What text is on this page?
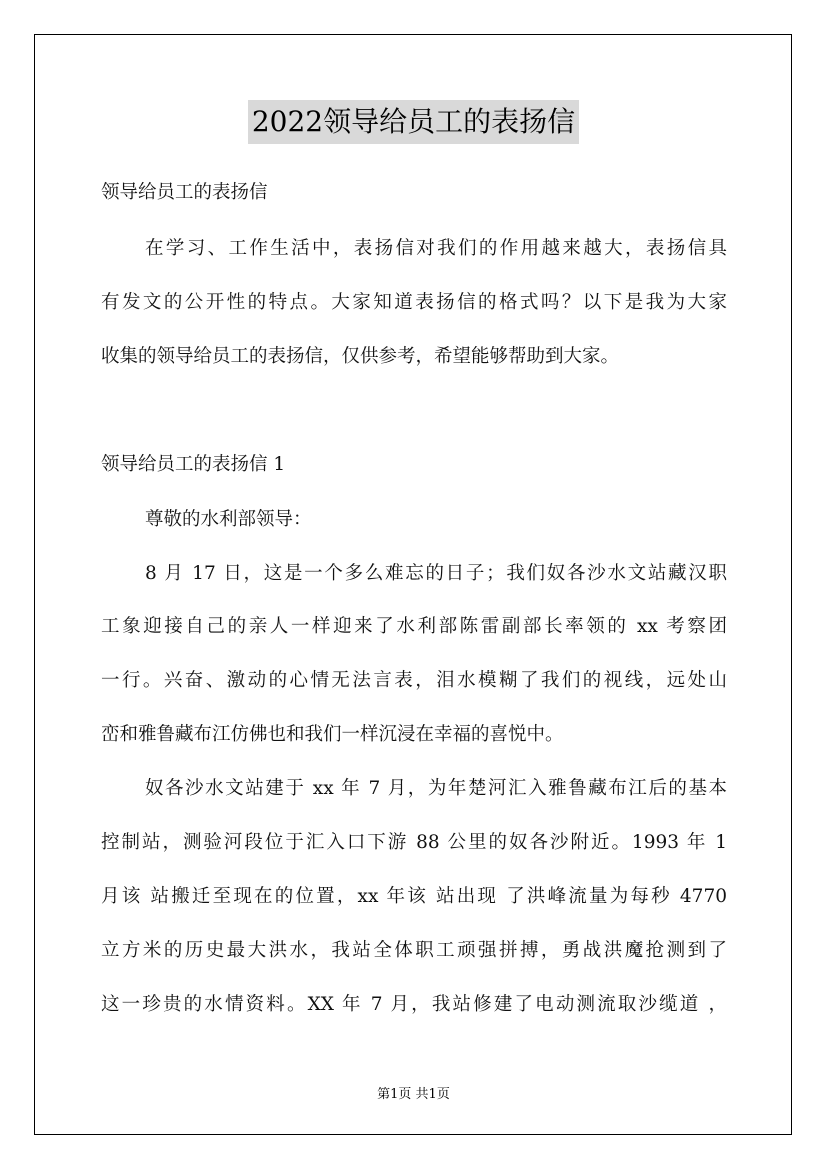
2022领导给员工的表扬信
领导给员工的表扬信
在学习、工作生活中，表扬信对我们的作用越来越大，表扬信具
有发文的公开性的特点。大家知道表扬信的格式吗？以下是我为大家
收集的领导给员工的表扬信，仅供参考，希望能够帮助到大家。
领导给员工的表扬信 1
尊敬的水利部领导：
8 月 17 日，这是一个多么难忘的日子；我们奴各沙水文站藏汉职
工象迎接自己的亲人一样迎来了水利部陈雷副部长率领的 xx 考察团
一行。兴奋、激动的心情无法言表，泪水模糊了我们的视线，远处山
峦和雅鲁藏布江仿佛也和我们一样沉浸在幸福的喜悦中。
奴各沙水文站建于 xx 年 7 月，为年楚河汇入雅鲁藏布江后的基本
控制站，测验河段位于汇入口下游 88 公里的奴各沙附近。1993 年 1
月该 站搬迁至现在的位置，xx 年该 站出现 了洪峰流量为每秒 4770
立方米的历史最大洪水，我站全体职工顽强拼搏，勇战洪魔抢测到了
这一珍贵的水情资料。XX 年 7 月，我站修建了电动测流取沙缆道 ，
第1页 共1页
